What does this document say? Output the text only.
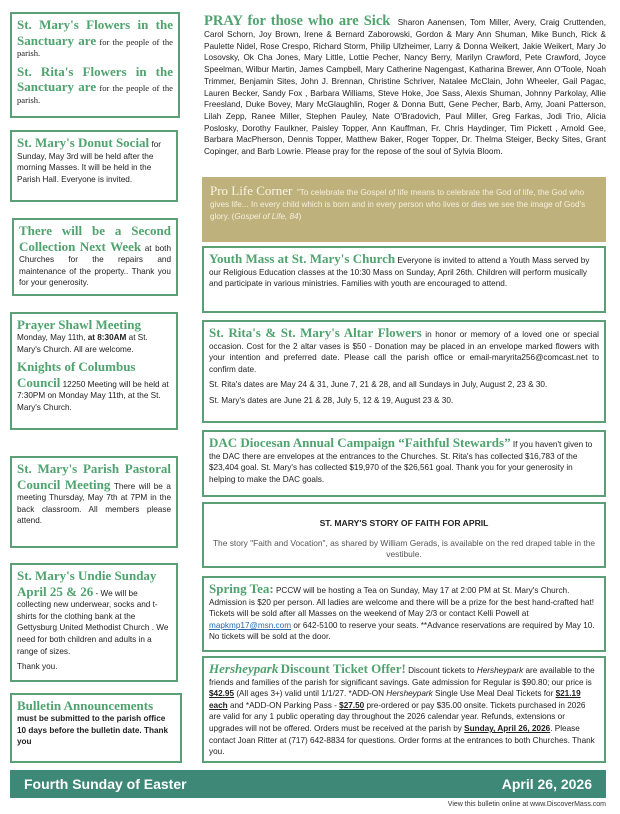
St. Mary's Flowers in the Sanctuary are for the people of the parish.

St. Rita's Flowers in the Sanctuary are for the people of the parish.

St. Mary's Donut Social for Sunday, May 3rd will be held after the morning Masses. It will be held in the Parish Hall. Everyone is invited.
There will be a Second Collection Next Week at both Churches for the repairs and maintenance of the property.. Thank you for your generosity.

Prayer Shawl Meeting
Monday, May 11th, at 8:30AM at St. Mary's Church. All are welcome.

Knights of Columbus Council 12250 Meeting will be held at 7:30PM on Monday May 11th, at the St. Mary's Church.

St. Mary's Parish Pastoral Council Meeting There will be a meeting Thursday, May 7th at 7PM in the back classroom. All members please attend.

St. Mary's Undie Sunday April 25 & 26 - We will be collecting new underwear, socks and t-shirts for the clothing bank at the Gettysburg United Methodist Church . We need for both children and adults in a range of sizes.

Thank you.

Bulletin Announcements
must be submitted to the parish office 10 days before the bulletin date. Thank you
PRAY for those who are Sick Sharon Aanensen, Tom Miller, Avery, Craig Cruttenden, Carol Schorn, Joy Brown, Irene & Bernard Zaborowski, Gordon & Mary Ann Shuman, Mike Bunch, Rick & Paulette Nidel, Rose Crespo, Richard Storm, Philip Ulzheimer, Larry & Donna Weikert, Jakie Weikert, Mary Jo Losovsky, Ok Cha Jones, Mary Little, Lottie Pecher, Nancy Berry, Marilyn Crawford, Pete Crawford, Joyce Speelman, Wilbur Martin, James Campbell, Mary Catherine Nagengast, Katharina Brewer, Ann O'Toole, Noah Trimmer, Benjamin Sites, John J. Brennan, Christine Schriver, Natalee McClain, John Wheeler, Gail Pagac, Lauren Becker, Sandy Fox , Barbara Williams, Steve Hoke, Joe Sass, Alexis Shuman, Johnny Parkolay, Allie Freesland, Duke Bovey, Mary McGlaughlin, Roger & Donna Butt, Gene Pecher, Barb, Amy, Joani Patterson, Lilah Zepp, Ranee Miller, Stephen Pauley, Nate O'Bradovich, Paul Miller, Greg Farkas, Jodi Trio, Alicia Poslosky, Dorothy Faulkner, Paisley Topper, Ann Kauffman, Fr. Chris Haydinger, Tim Pickett , Arnold Gee, Barbara MacPherson, Dennis Topper, Matthew Baker, Roger Topper, Dr. Thelma Steiger, Becky Sites, Grant Copinger, and Barb Lowrie. Please pray for the repose of the soul of Sylvia Bloom.
Pro Life Corner "To celebrate the Gospel of life means to celebrate the God of life, the God who gives life... In every child which is born and in every person who lives or dies we see the image of God's glory. (Gospel of Life, 84)
Youth Mass at St. Mary's Church Everyone is invited to attend a Youth Mass served by our Religious Education classes at the 10:30 Mass on Sunday, April 26th. Children will perform musically and participate in various ministries. Families with youth are encouraged to attend.

St. Rita's & St. Mary's Altar Flowers in honor or memory of a loved one or special occasion. Cost for the 2 altar vases is $50 - Donation may be placed in an envelope marked flowers with your intention and preferred date. Please call the parish office or email-maryrita256@comcast.net to confirm date.

St. Rita's dates are May 24 & 31, June 7, 21 & 28, and all Sundays in July, August 2, 23 & 30.

St. Mary's dates are June 21 & 28, July 5, 12 & 19, August 23 & 30.

DAC Diocesan Annual Campaign “Faithful Stewards” If you haven't given to the DAC there are envelopes at the entrances to the Churches. St. Rita's has collected $16,783 of the $23,404 goal. St. Mary's has collected $19,970 of the $26,561 goal. Thank you for your generosity in helping to make the DAC goals.

ST. MARY'S STORY OF FAITH FOR APRIL

The story "Faith and Vocation", as shared by William Gerads, is available on the red draped table in the vestibule.

Spring Tea: PCCW will be hosting a Tea on Sunday, May 17 at 2:00 PM at St. Mary's Church. Admission is $20 per person. All ladies are welcome and there will be a prize for the best hand-crafted hat! Tickets will be sold after all Masses on the weekend of May 2/3 or contact Kelli Powell at mapkmp17@msn.com or 642-5100 to reserve your seats. **Advance reservations are required by May 10. No tickets will be sold at the door.
Hersheypark Discount Ticket Offer! Discount tickets to Hersheypark are available to the friends and families of the parish for significant savings. Gate admission for Regular is $90.80; our price is $42.95 (All ages 3+) valid until 1/1/27. *ADD-ON Hersheypark Single Use Meal Deal Tickets for $21.19 each and *ADD-ON Parking Pass - $27.50 pre-ordered or pay $35.00 onsite. Tickets purchased in 2026 are valid for any 1 public operating day throughout the 2026 calendar year. Refunds, extensions or upgrades will not be offered. Orders must be received at the parish by Sunday, April 26, 2026. Please contact Joan Ritter at (717) 642-8834 for questions. Order forms at the entrances to both Churches. Thank you.
Fourth Sunday of Easter	April 26, 2026
View this bulletin online at www.DiscoverMass.com
